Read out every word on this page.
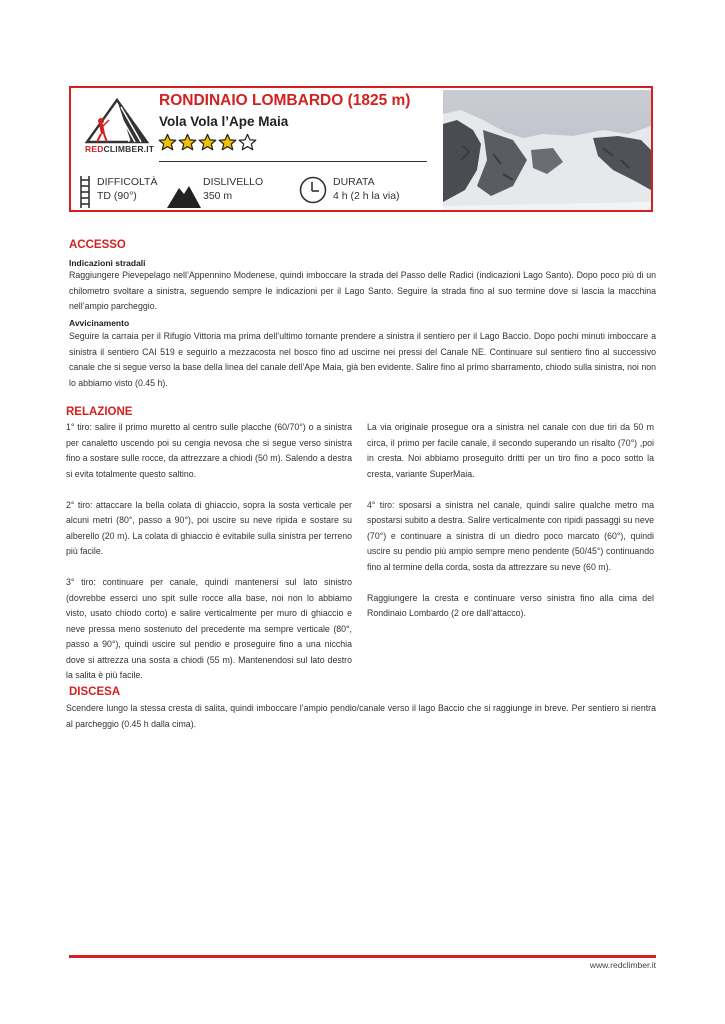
REDCLIMBER.IT
RONDINAIO LOMBARDO (1825 m)
Vola Vola l’Ape Maia
DIFFICOLTÀ
TD (90°)
DISLIVELLO
350 m
DURATA
4 h (2 h la via)
ACCESSO
Indicazioni stradali
Raggiungere Pievepelago nell’Appennino Modenese, quindi imboccare la strada del Passo delle Radici (indicazioni Lago Santo). Dopo poco più di un chilometro svoltare a sinistra, seguendo sempre le indicazioni per il Lago Santo. Seguire la strada fino al suo termine dove si lascia la macchina nell’ampio parcheggio.
Avvicinamento
Seguire la carraia per il Rifugio Vittoria ma prima dell’ultimo tornante prendere a sinistra il sentiero per il Lago Baccio. Dopo pochi minuti imboccare a sinistra il sentiero CAI 519 e seguirlo a mezzacosta nel bosco fino ad uscirne nei pressi del Canale NE. Continuare sul sentiero fino al successivo canale che si segue verso la base della linea del canale dell’Ape Maia, già ben evidente. Salire fino al primo sbarramento, chiodo sulla sinistra, noi non lo abbiamo visto (0.45 h).
RELAZIONE

1° tiro: salire il primo muretto al centro sulle placche (60/70°) o a sinistra per canaletto uscendo poi su cengia nevosa che si segue verso sinistra fino a sostare sulle rocce, da attrezzare a chiodi (50 m). Salendo a destra si evita totalmente questo saltino.

2° tiro: attaccare la bella colata di ghiaccio, sopra la sosta verticale per alcuni metri (80°, passo a 90°), poi uscire su neve ripida e sostare su alberello (20 m). La colata di ghiaccio è evitabile sulla sinistra per terreno più facile.

3° tiro: continuare per canale, quindi mantenersi sul lato sinistro (dovrebbe esserci uno spit sulle rocce alla base, noi non lo abbiamo visto, usato chiodo corto) e salire verticalmente per muro di ghiaccio e neve pressa meno sostenuto del precedente ma sempre verticale (80°, passo a 90°), quindi uscire sul pendio e proseguire fino a una nicchia dove si attrezza una sosta a chiodi (55 m). Mantenendosi sul lato destro la salita è più facile.

La via originale prosegue ora a sinistra nel canale con due tiri da 50 m circa, il primo per facile canale, il secondo superando un risalto (70°) ,poi in cresta. Noi abbiamo proseguito dritti per un tiro fino a poco sotto la cresta, variante SuperMaia.

4° tiro: sposarsi a sinistra nel canale, quindi salire qualche metro ma spostarsi subito a destra. Salire verticalmente con ripidi passaggi su neve (70°) e continuare a sinistra di un diedro poco marcato (60°), quindi uscire su pendio più ampio sempre meno pendente (50/45°) continuando fino al termine della corda, sosta da attrezzare su neve (60 m).

Raggiungere la cresta e continuare verso sinistra fino alla cima del Rondinaio Lombardo (2 ore dall’attacco).

DISCESA
Scendere lungo la stessa cresta di salita, quindi imboccare l’ampio pendio/canale verso il lago Baccio che si raggiunge in breve. Per sentiero si rientra al parcheggio (0.45 h dalla cima).
www.redclimber.it
